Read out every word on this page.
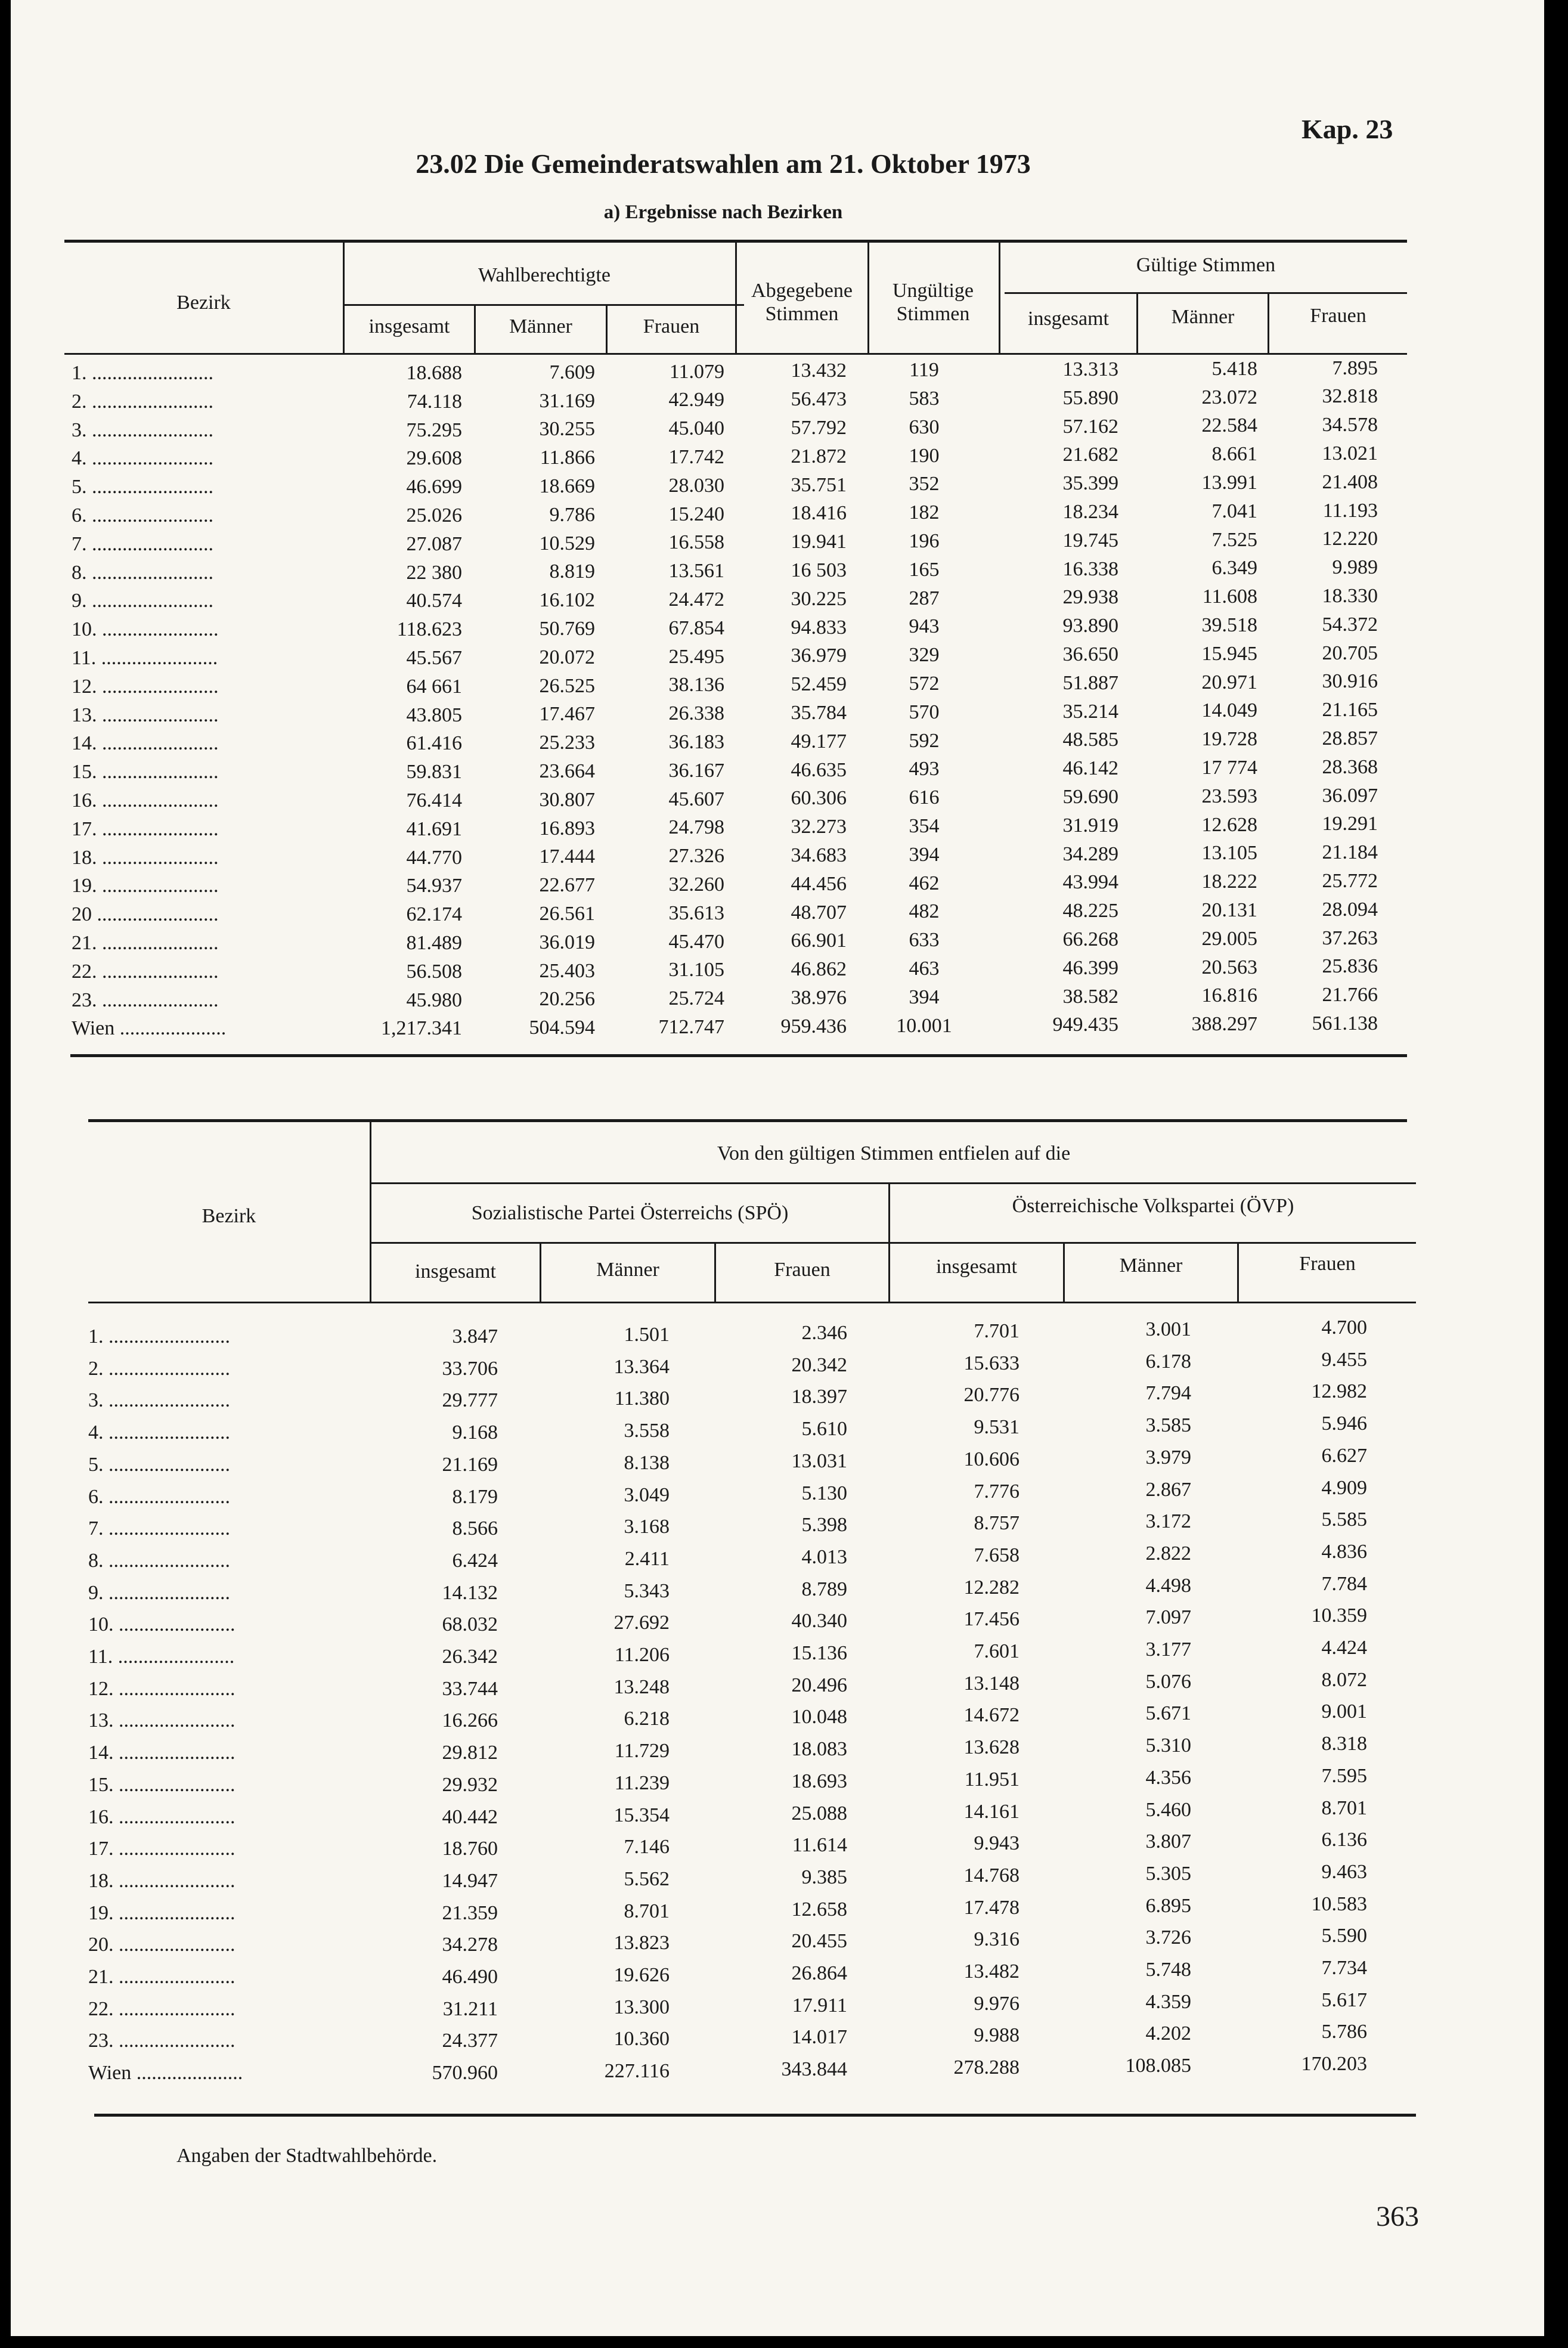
Kap. 23
23.02 Die Gemeinderatswahlen am 21. Oktober 1973
a) Ergebnisse nach Bezirken
Bezirk
Wahlberechtigte
insgesamt	Männer	Frauen
Abgegebene Stimmen
Ungültige Stimmen
Gültige Stimmen
insgesamt	Männer	Frauen
1. ........................	18.688	7.609	11.079	13.432	119	13.313	5.418	7.895
2. ........................	74.118	31.169	42.949	56.473	583	55.890	23.072	32.818
3. ........................	75.295	30.255	45.040	57.792	630	57.162	22.584	34.578
4. ........................	29.608	11.866	17.742	21.872	190	21.682	8.661	13.021
5. ........................	46.699	18.669	28.030	35.751	352	35.399	13.991	21.408
6. ........................	25.026	9.786	15.240	18.416	182	18.234	7.041	11.193
7. ........................	27.087	10.529	16.558	19.941	196	19.745	7.525	12.220
8. ........................	22 380	8.819	13.561	16 503	165	16.338	6.349	9.989
9. ........................	40.574	16.102	24.472	30.225	287	29.938	11.608	18.330
10. .......................	118.623	50.769	67.854	94.833	943	93.890	39.518	54.372
11. .......................	45.567	20.072	25.495	36.979	329	36.650	15.945	20.705
12. .......................	64 661	26.525	38.136	52.459	572	51.887	20.971	30.916
13. .......................	43.805	17.467	26.338	35.784	570	35.214	14.049	21.165
14. .......................	61.416	25.233	36.183	49.177	592	48.585	19.728	28.857
15. .......................	59.831	23.664	36.167	46.635	493	46.142	17 774	28.368
16. .......................	76.414	30.807	45.607	60.306	616	59.690	23.593	36.097
17. .......................	41.691	16.893	24.798	32.273	354	31.919	12.628	19.291
18. .......................	44.770	17.444	27.326	34.683	394	34.289	13.105	21.184
19. .......................	54.937	22.677	32.260	44.456	462	43.994	18.222	25.772
20 ........................	62.174	26.561	35.613	48.707	482	48.225	20.131	28.094
21. .......................	81.489	36.019	45.470	66.901	633	66.268	29.005	37.263
22. .......................	56.508	25.403	31.105	46.862	463	46.399	20.563	25.836
23. .......................	45.980	20.256	25.724	38.976	394	38.582	16.816	21.766
Wien .....................	1,217.341	504.594	712.747	959.436	10.001	949.435	388.297	561.138
Bezirk
Von den gültigen Stimmen entfielen auf die
Sozialistische Partei Österreichs (SPÖ)	Österreichische Volkspartei (ÖVP)
insgesamt	Männer	Frauen	insgesamt	Männer	Frauen
1. ........................	3.847	1.501	2.346	7.701	3.001	4.700
2. ........................	33.706	13.364	20.342	15.633	6.178	9.455
3. ........................	29.777	11.380	18.397	20.776	7.794	12.982
4. ........................	9.168	3.558	5.610	9.531	3.585	5.946
5. ........................	21.169	8.138	13.031	10.606	3.979	6.627
6. ........................	8.179	3.049	5.130	7.776	2.867	4.909
7. ........................	8.566	3.168	5.398	8.757	3.172	5.585
8. ........................	6.424	2.411	4.013	7.658	2.822	4.836
9. ........................	14.132	5.343	8.789	12.282	4.498	7.784
10. .......................	68.032	27.692	40.340	17.456	7.097	10.359
11. .......................	26.342	11.206	15.136	7.601	3.177	4.424
12. .......................	33.744	13.248	20.496	13.148	5.076	8.072
13. .......................	16.266	6.218	10.048	14.672	5.671	9.001
14. .......................	29.812	11.729	18.083	13.628	5.310	8.318
15. .......................	29.932	11.239	18.693	11.951	4.356	7.595
16. .......................	40.442	15.354	25.088	14.161	5.460	8.701
17. .......................	18.760	7.146	11.614	9.943	3.807	6.136
18. .......................	14.947	5.562	9.385	14.768	5.305	9.463
19. .......................	21.359	8.701	12.658	17.478	6.895	10.583
20. .......................	34.278	13.823	20.455	9.316	3.726	5.590
21. .......................	46.490	19.626	26.864	13.482	5.748	7.734
22. .......................	31.211	13.300	17.911	9.976	4.359	5.617
23. .......................	24.377	10.360	14.017	9.988	4.202	5.786
Wien .....................	570.960	227.116	343.844	278.288	108.085	170.203
Angaben der Stadtwahlbehörde.
363
